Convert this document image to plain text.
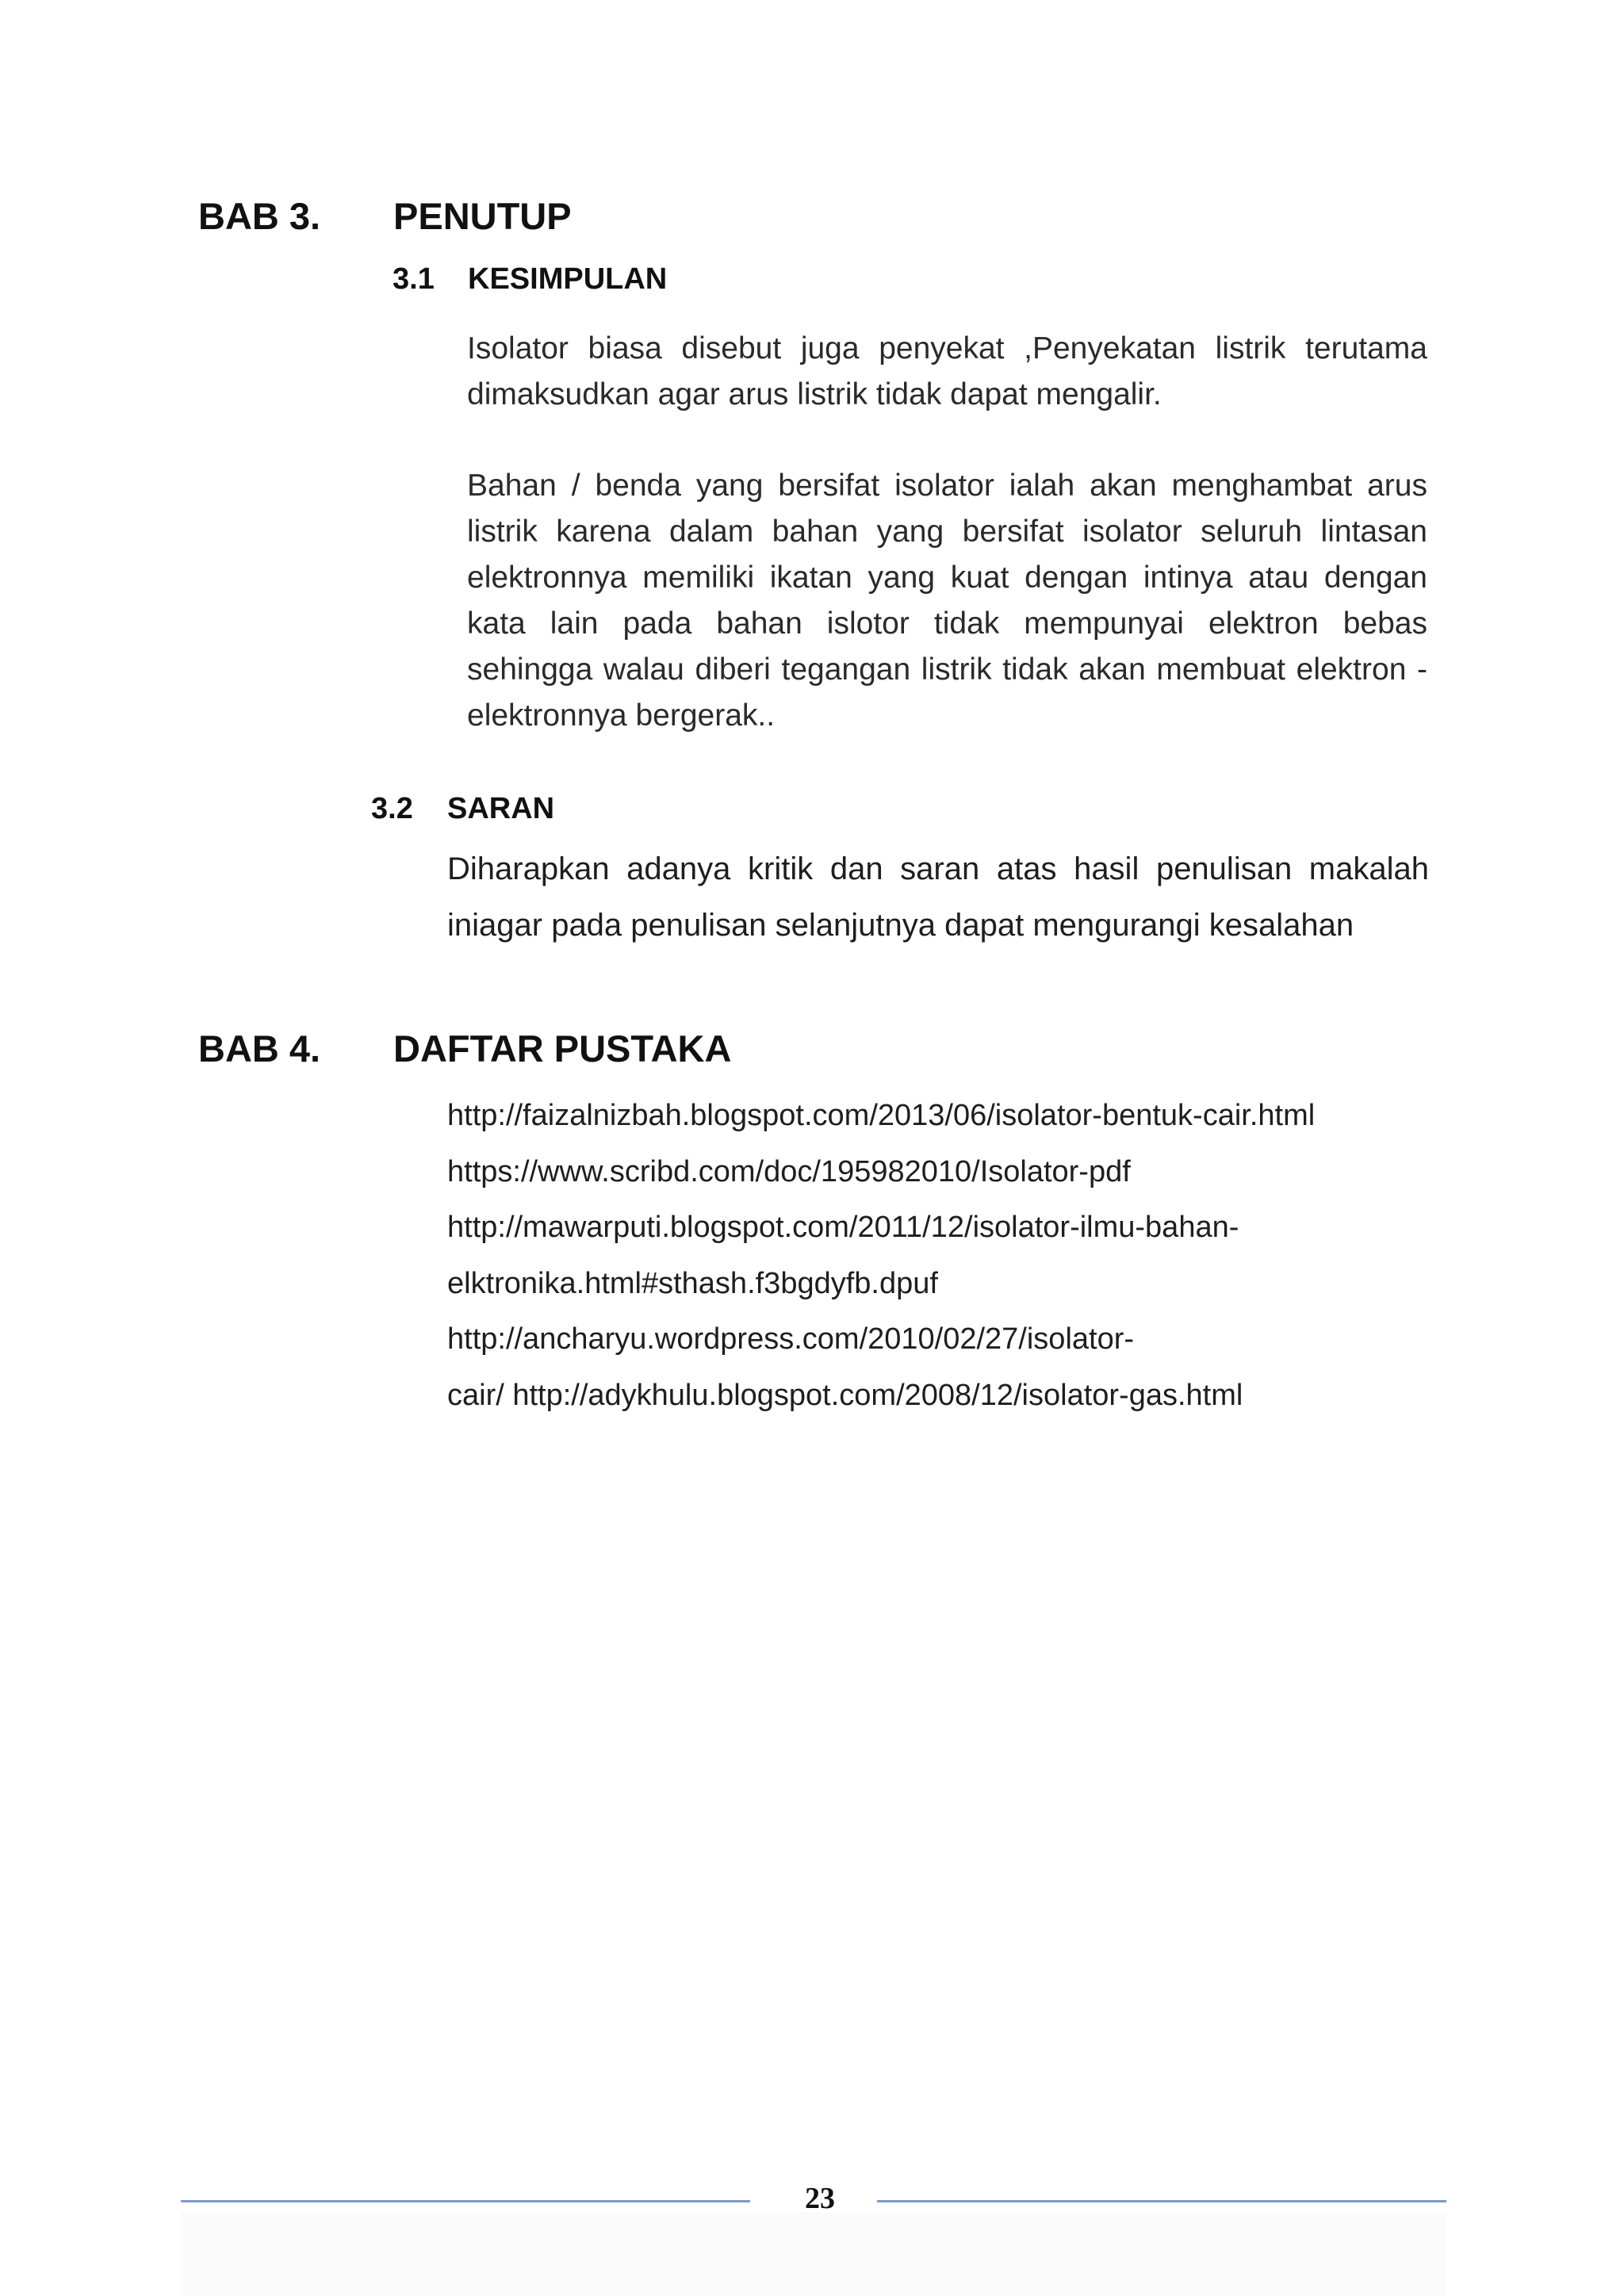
BAB 3. PENUTUP
3.1 KESIMPULAN

Isolator biasa disebut juga penyekat ,Penyekatan listrik terutama dimaksudkan agar arus listrik tidak dapat mengalir.

Bahan / benda yang bersifat isolator ialah akan menghambat arus listrik karena dalam bahan yang bersifat isolator seluruh lintasan elektronnya memiliki ikatan yang kuat dengan intinya atau dengan kata lain pada bahan islotor tidak mempunyai elektron bebas sehingga walau diberi tegangan listrik tidak akan membuat elektron -elektronnya bergerak..

3.2 SARAN

Diharapkan adanya kritik dan saran atas hasil penulisan makalah iniagar pada penulisan selanjutnya dapat mengurangi kesalahan

BAB 4. DAFTAR PUSTAKA
http://faizalnizbah.blogspot.com/2013/06/isolator-bentuk-cair.html
https://www.scribd.com/doc/195982010/Isolator-pdf
http://mawarputi.blogspot.com/2011/12/isolator-ilmu-bahan-
elktronika.html#sthash.f3bgdyfb.dpuf
http://ancharyu.wordpress.com/2010/02/27/isolator-
cair/ http://adykhulu.blogspot.com/2008/12/isolator-gas.html
23
